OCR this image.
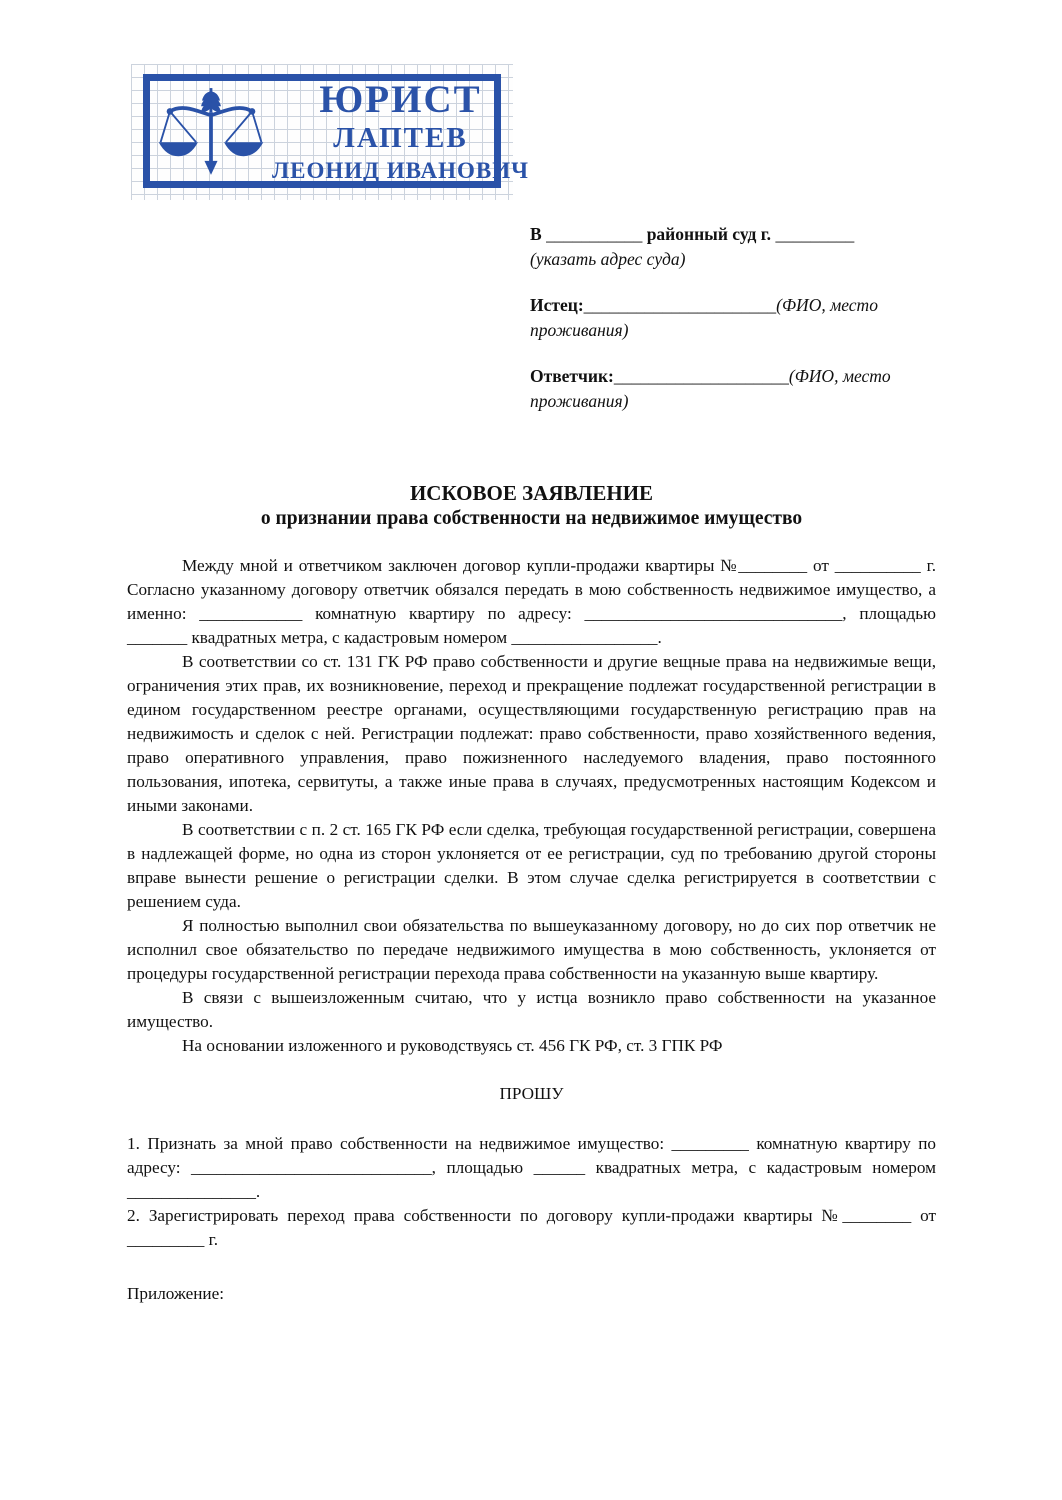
ЮРИСТ
ЛАПТЕВ
ЛЕОНИД ИВАНОВИЧ
В ___________ районный суд г. _________
(указать адрес суда)
Истец:______________________(ФИО, место проживания)
Ответчик:____________________(ФИО, место проживания)
ИСКОВОЕ ЗАЯВЛЕНИЕ
о признании права собственности на недвижимое имущество

Между мной и ответчиком заключен договор купли-продажи квартиры №________ от __________ г. Согласно указанному договору ответчик обязался передать в мою собственность недвижимое имущество, а именно: ____________ комнатную квартиру по адресу: ______________________________, площадью _______ квадратных метра, с кадастровым номером _________________.

В соответствии со ст. 131 ГК РФ право собственности и другие вещные права на недвижимые вещи, ограничения этих прав, их возникновение, переход и прекращение подлежат государственной регистрации в едином государственном реестре органами, осуществляющими государственную регистрацию прав на недвижимость и сделок с ней. Регистрации подлежат: право собственности, право хозяйственного ведения, право оперативного управления, право пожизненного наследуемого владения, право постоянного пользования, ипотека, сервитуты, а также иные права в случаях, предусмотренных настоящим Кодексом и иными законами.

В соответствии с п. 2 ст. 165 ГК РФ если сделка, требующая государственной регистрации, совершена в надлежащей форме, но одна из сторон уклоняется от ее регистрации, суд по требованию другой стороны вправе вынести решение о регистрации сделки. В этом случае сделка регистрируется в соответствии с решением суда.

Я полностью выполнил свои обязательства по вышеуказанному договору, но до сих пор ответчик не исполнил свое обязательство по передаче недвижимого имущества в мою собственность, уклоняется от процедуры государственной регистрации перехода права собственности на указанную выше квартиру.

В связи с вышеизложенным считаю, что у истца возникло право собственности на указанное имущество.

На основании изложенного и руководствуясь ст. 456 ГК РФ, ст. 3 ГПК РФ

ПРОШУ

1. Признать за мной право собственности на недвижимое имущество: _________ комнатную квартиру по адресу: ____________________________, площадью ______ квадратных метра, с кадастровым номером _______________.

2. Зарегистрировать переход права собственности по договору купли-продажи квартиры №________ от _________ г.

Приложение:
